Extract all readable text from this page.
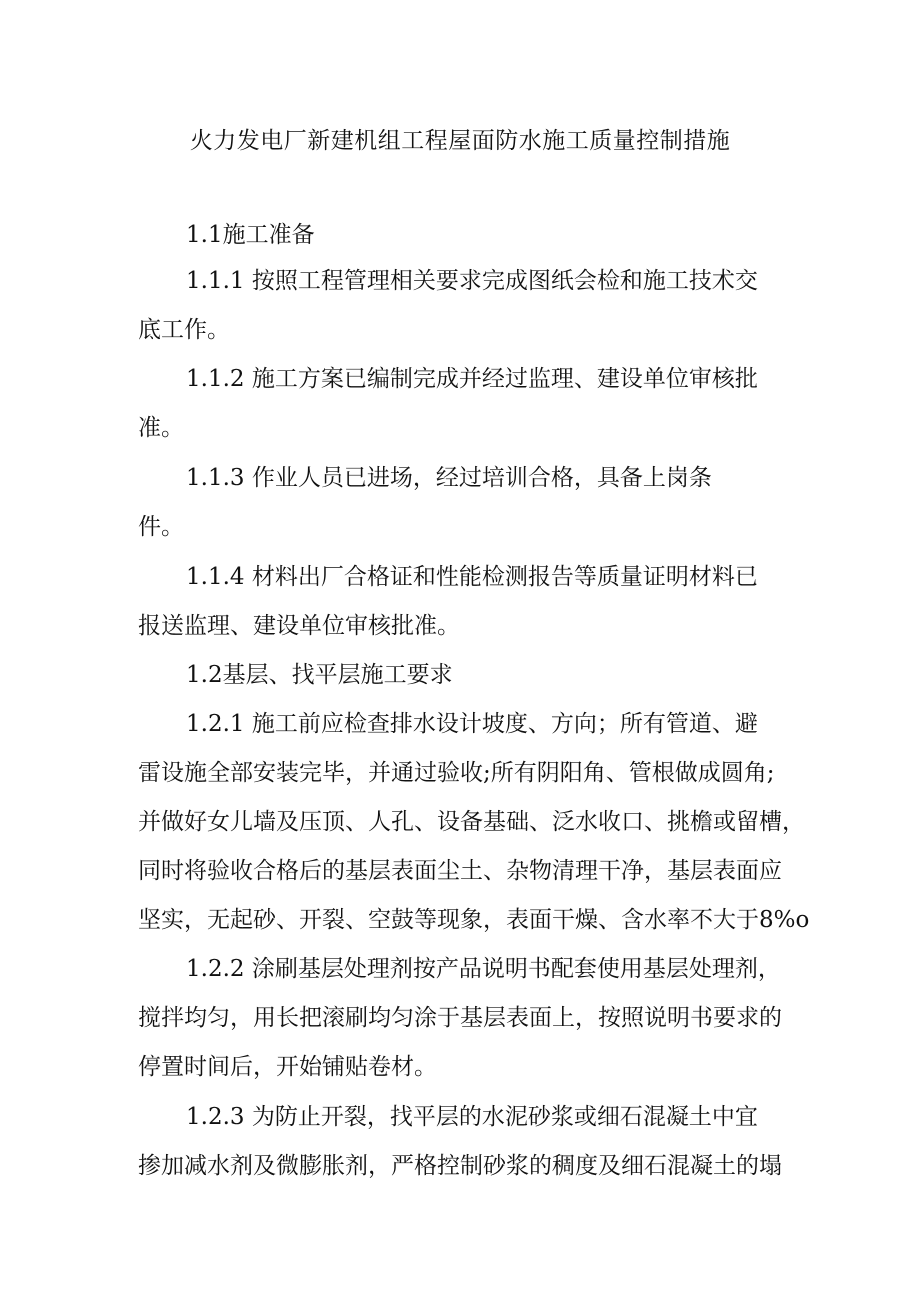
火力发电厂新建机组工程屋面防水施工质量控制措施
1.1施工准备
1.1.1 按照工程管理相关要求完成图纸会检和施工技术交
底工作。
1.1.2 施工方案已编制完成并经过监理、建设单位审核批
准。
1.1.3 作业人员已进场，经过培训合格，具备上岗条
件。
1.1.4 材料出厂合格证和性能检测报告等质量证明材料已
报送监理、建设单位审核批准。
1.2基层、找平层施工要求
1.2.1 施工前应检查排水设计坡度、方向；所有管道、避
雷设施全部安装完毕，并通过验收;所有阴阳角、管根做成圆角;
并做好女儿墙及压顶、人孔、设备基础、泛水收口、挑檐或留槽，
同时将验收合格后的基层表面尘土、杂物清理干净，基层表面应
坚实，无起砂、开裂、空鼓等现象，表面干燥、含水率不大于8%o
1.2.2 涂刷基层处理剂按产品说明书配套使用基层处理剂，
搅拌均匀，用长把滚刷均匀涂于基层表面上，按照说明书要求的
停置时间后，开始铺贴卷材。
1.2.3 为防止开裂，找平层的水泥砂浆或细石混凝土中宜
掺加减水剂及微膨胀剂，严格控制砂浆的稠度及细石混凝土的塌
